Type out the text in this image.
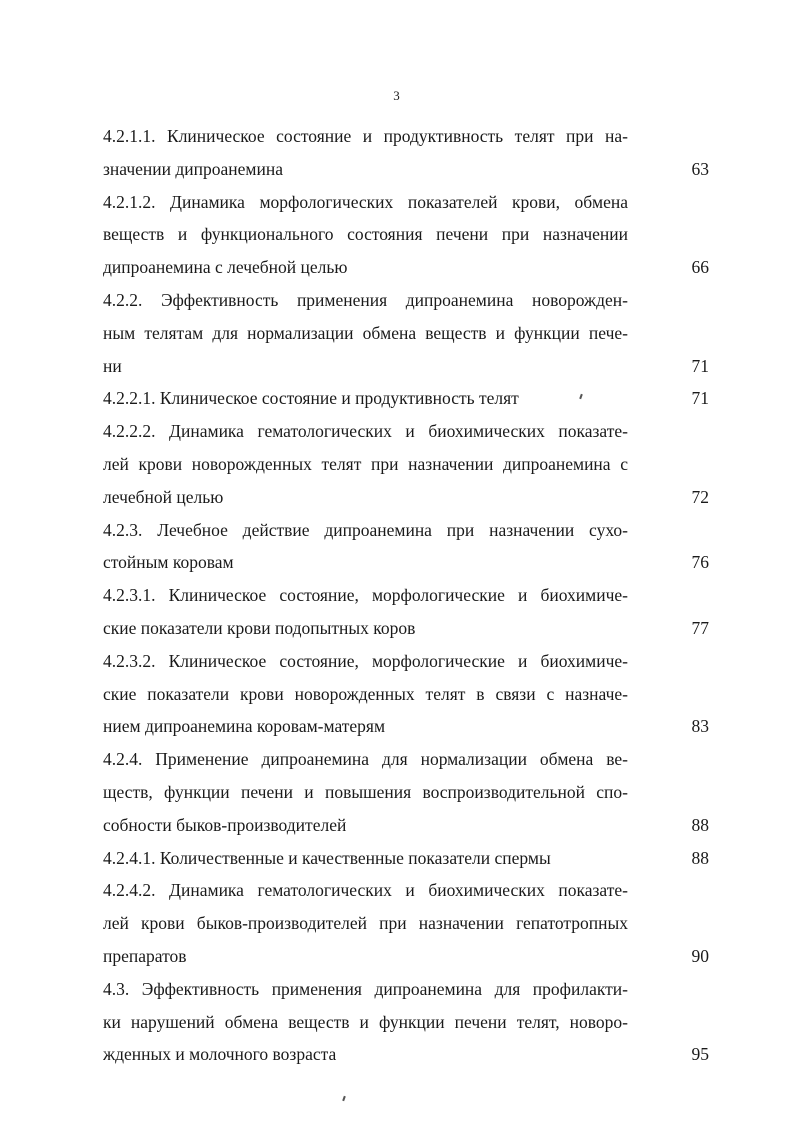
3
4.2.1.1. Клиническое состояние и продуктивность телят при на-
значении дипроанемина	63
4.2.1.2. Динамика морфологических показателей крови, обмена
веществ и функционального состояния печени при назначении
дипроанемина с лечебной целью	66
4.2.2. Эффективность применения дипроанемина новорожден-
ным телятам для нормализации обмена веществ и функции пече-
ни	71
4.2.2.1. Клиническое состояние и продуктивность телят	71
4.2.2.2. Динамика гематологических и биохимических показате-
лей крови новорожденных телят при назначении дипроанемина с
лечебной целью	72
4.2.3. Лечебное действие дипроанемина при назначении сухо-
стойным коровам	76
4.2.3.1. Клиническое состояние, морфологические и биохимиче-
ские показатели крови подопытных коров	77
4.2.3.2. Клиническое состояние, морфологические и биохимиче-
ские показатели крови новорожденных телят в связи с назначе-
нием дипроанемина коровам-матерям	83
4.2.4. Применение дипроанемина для нормализации обмена ве-
ществ, функции печени и повышения воспроизводительной спо-
собности быков-производителей	88
4.2.4.1. Количественные и качественные показатели спермы	88
4.2.4.2. Динамика гематологических и биохимических показате-
лей крови быков-производителей при назначении гепатотропных
препаратов	90
4.3. Эффективность применения дипроанемина для профилакти-
ки нарушений обмена веществ и функции печени телят, новоро-
жденных и молочного возраста	95
